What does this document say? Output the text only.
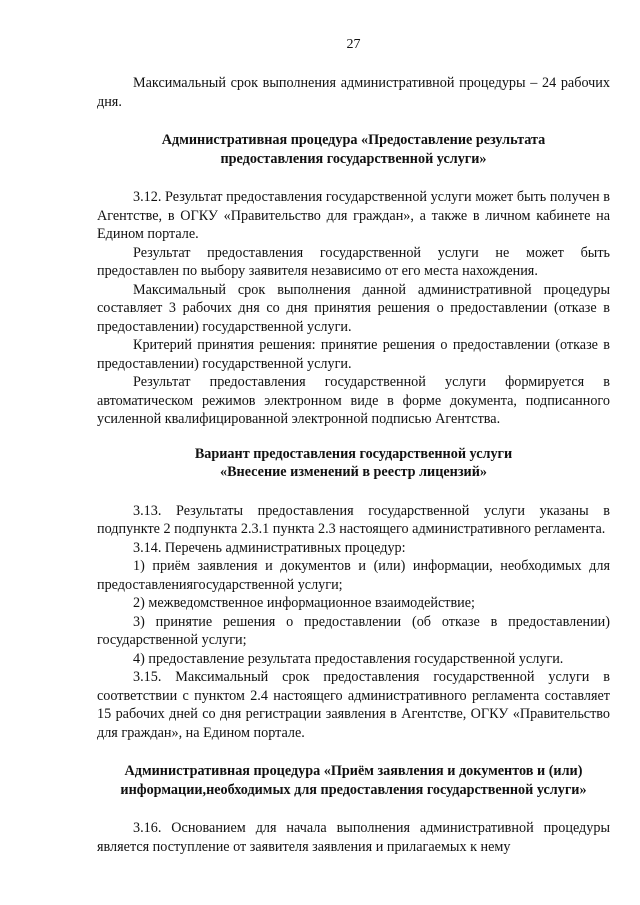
27

Максимальный срок выполнения административной процедуры – 24 рабочих дня.

Административная процедура «Предоставление результата предоставления государственной услуги»

3.12. Результат предоставления государственной услуги может быть получен в Агентстве, в ОГКУ «Правительство для граждан», а также в личном кабинете на Едином портале.

Результат предоставления государственной услуги не может быть предоставлен по выбору заявителя независимо от его места нахождения.

Максимальный срок выполнения данной административной процедуры составляет 3 рабочих дня со дня принятия решения о предоставлении (отказе в предоставлении) государственной услуги.

Критерий принятия решения: принятие решения о предоставлении (отказе в предоставлении) государственной услуги.

Результат предоставления государственной услуги формируется в автоматическом режимов электронном виде в форме документа, подписанного усиленной квалифицированной электронной подписью Агентства.

Вариант предоставления государственной услуги «Внесение изменений в реестр лицензий»

3.13. Результаты предоставления государственной услуги указаны в подпункте 2 подпункта 2.3.1 пункта 2.3 настоящего административного регламента.

3.14. Перечень административных процедур:

1) приём заявления и документов и (или) информации, необходимых для предоставлениягосударственной услуги;

2) межведомственное информационное взаимодействие;

3) принятие решения о предоставлении (об отказе в предоставлении) государственной услуги;

4) предоставление результата предоставления государственной услуги.

3.15. Максимальный срок предоставления государственной услуги в соответствии с пунктом 2.4 настоящего административного регламента составляет 15 рабочих дней со дня регистрации заявления в Агентстве, ОГКУ «Правительство для граждан», на Едином портале.

Административная процедура «Приём заявления и документов и (или) информации,необходимых для предоставления государственной услуги»

3.16. Основанием для начала выполнения административной процедуры является поступление от заявителя заявления и прилагаемых к нему
